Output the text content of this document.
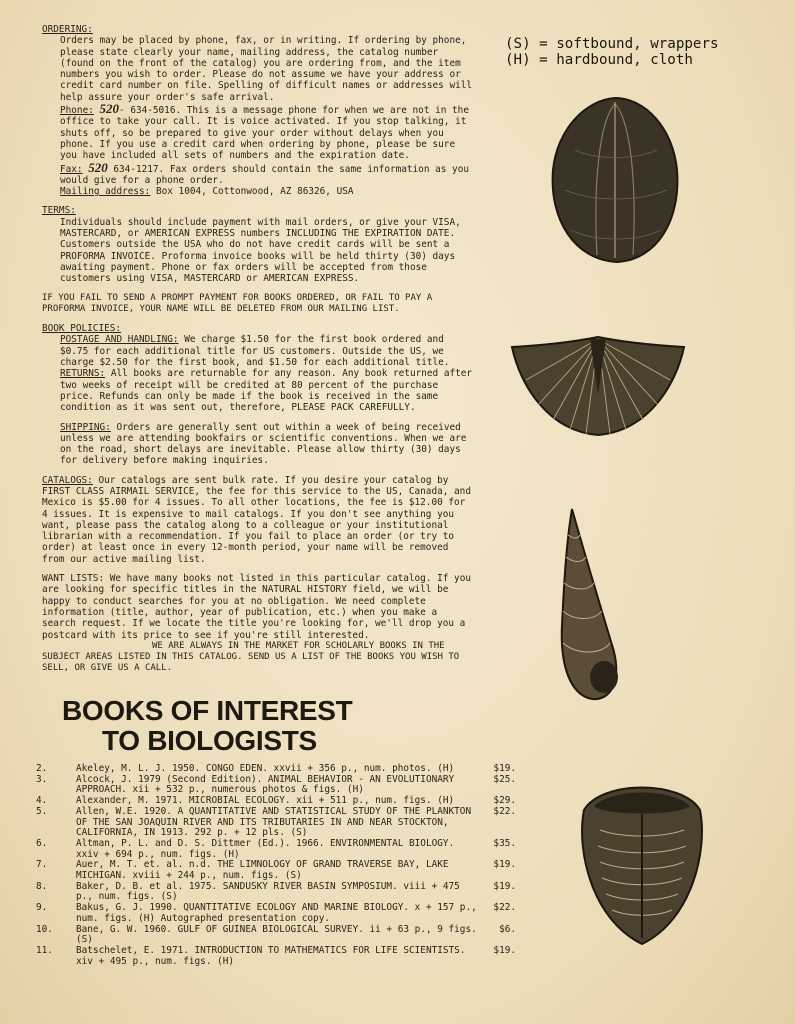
ORDERING:

Orders may be placed by phone, fax, or in writing. If ordering by phone, please state clearly your name, mailing address, the catalog number (found on the front of the catalog) you are ordering from, and the item numbers you wish to order. Please do not assume we have your address or credit card number on file. Spelling of difficult names or addresses will help assure your order's safe arrival.

Phone: 520- 634-5016. This is a message phone for when we are not in the office to take your call. It is voice activated. If you stop talking, it shuts off, so be prepared to give your order without delays when you phone. If you use a credit card when ordering by phone, please be sure you have included all sets of numbers and the expiration date.

Fax: 520 634-1217. Fax orders should contain the same information as you would give for a phone order.

Mailing address: Box 1004, Cottonwood, AZ 86326, USA

TERMS:

Individuals should include payment with mail orders, or give your VISA, MASTERCARD, or AMERICAN EXPRESS numbers INCLUDING THE EXPIRATION DATE. Customers outside the USA who do not have credit cards will be sent a PROFORMA INVOICE. Proforma invoice books will be held thirty (30) days awaiting payment. Phone or fax orders will be accepted from those customers using VISA, MASTERCARD or AMERICAN EXPRESS.

IF YOU FAIL TO SEND A PROMPT PAYMENT FOR BOOKS ORDERED, OR FAIL TO PAY A PROFORMA INVOICE, YOUR NAME WILL BE DELETED FROM OUR MAILING LIST.

BOOK POLICIES:

POSTAGE AND HANDLING: We charge $1.50 for the first book ordered and $0.75 for each additional title for US customers. Outside the US, we charge $2.50 for the first book, and $1.50 for each additional title.

RETURNS: All books are returnable for any reason. Any book returned after two weeks of receipt will be credited at 80 percent of the purchase price. Refunds can only be made if the book is received in the same condition as it was sent out, therefore, PLEASE PACK CAREFULLY.

SHIPPING: Orders are generally sent out within a week of being received unless we are attending bookfairs or scientific conventions. When we are on the road, short delays are inevitable. Please allow thirty (30) days for delivery before making inquiries.

CATALOGS: Our catalogs are sent bulk rate. If you desire your catalog by FIRST CLASS AIRMAIL SERVICE, the fee for this service to the US, Canada, and Mexico is $5.00 for 4 issues. To all other locations, the fee is $12.00 for 4 issues. It is expensive to mail catalogs. If you don't see anything you want, please pass the catalog along to a colleague or your institutional librarian with a recommendation. If you fail to place an order (or try to order) at least once in every 12-month period, your name will be removed from our active mailing list.

WANT LISTS: We have many books not listed in this particular catalog. If you are looking for specific titles in the NATURAL HISTORY field, we will be happy to conduct searches for you at no obligation. We need complete information (title, author, year of publication, etc.) when you make a search request. If we locate the title you're looking for, we'll drop you a postcard with its price to see if you're still interested.

WE ARE ALWAYS IN THE MARKET FOR SCHOLARLY BOOKS IN THE SUBJECT AREAS LISTED IN THIS CATALOG. SEND US A LIST OF THE BOOKS YOU WISH TO SELL, OR GIVE US A CALL.

(S) = softbound, wrappers
(H) = hardbound, cloth
BOOKS OF INTEREST
TO BIOLOGISTS
2.	Akeley, M. L. J. 1950. CONGO EDEN. xxvii + 356 p., num. photos. (H)	$19.
3.	Alcock, J. 1979 (Second Edition). ANIMAL BEHAVIOR - AN EVOLUTIONARY APPROACH. xii + 532 p., numerous photos & figs. (H)
$25.
4.	Alexander, M. 1971. MICROBIAL ECOLOGY. xii + 511 p., num. figs. (H)	$29.
5.	Allen, W.E. 1920. A QUANTITATIVE AND STATISTICAL STUDY OF THE PLANKTON OF THE SAN JOAQUIN RIVER AND ITS TRIBUTARIES IN AND NEAR STOCKTON, CALIFORNIA, IN 1913. 292 p. + 12 pls. (S)
$22.
6.	Altman, P. L. and D. S. Dittmer (Ed.). 1966. ENVIRONMENTAL BIOLOGY. xxiv + 694 p., num. figs. (H)
$35.
7.	Auer, M. T. et. al. n.d. THE LIMNOLOGY OF GRAND TRAVERSE BAY, LAKE MICHIGAN. xviii + 244 p., num. figs. (S)
$19.
8.	Baker, D. B. et al. 1975. SANDUSKY RIVER BASIN SYMPOSIUM. viii + 475 p., num. figs. (S)
$19.
9.	Bakus, G. J. 1990. QUANTITATIVE ECOLOGY AND MARINE BIOLOGY. x + 157 p., num. figs. (H) Autographed presentation copy.
$22.
10.	Bane, G. W. 1960. GULF OF GUINEA BIOLOGICAL SURVEY. ii + 63 p., 9 figs. (S)
$6.
11.	Batschelet, E. 1971. INTRODUCTION TO MATHEMATICS FOR LIFE SCIENTISTS. xiv + 495 p., num. figs. (H)
$19.
